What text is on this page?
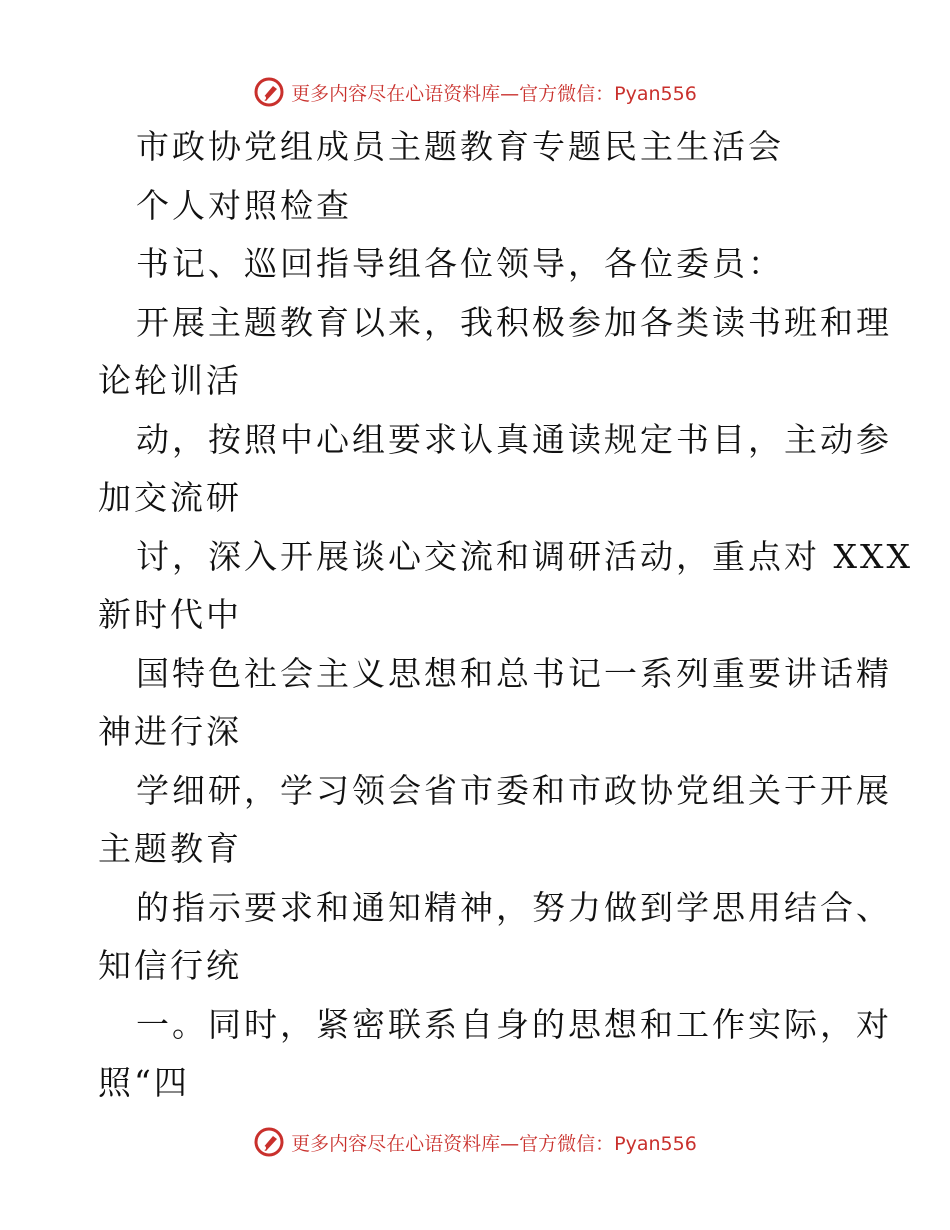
更多内容尽在心语资料库—官方微信：Pyan556
市政协党组成员主题教育专题民主生活会
个人对照检查
书记、巡回指导组各位领导，各位委员：
开展主题教育以来，我积极参加各类读书班和理
论轮训活
动，按照中心组要求认真通读规定书目，主动参
加交流研
讨，深入开展谈心交流和调研活动，重点对 XXX
新时代中
国特色社会主义思想和总书记一系列重要讲话精
神进行深
学细研，学习领会省市委和市政协党组关于开展
主题教育
的指示要求和通知精神，努力做到学思用结合、
知信行统
一。同时，紧密联系自身的思想和工作实际，对
照“四
更多内容尽在心语资料库—官方微信：Pyan556
